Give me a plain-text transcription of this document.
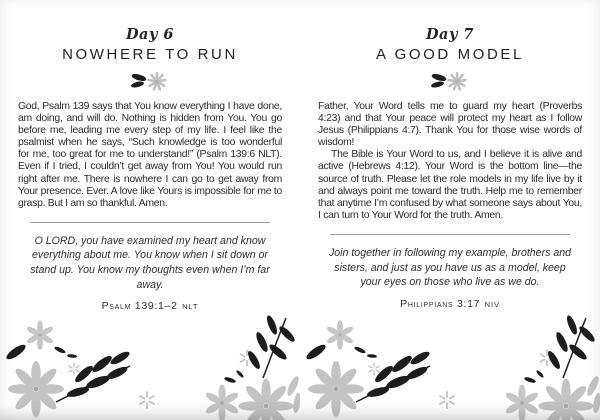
Day 6
NOWHERE TO RUN

God, Psalm 139 says that You know everything I have done, am doing, and will do. Nothing is hidden from You. You go before me, leading me every step of my life. I feel like the psalmist when he says, “Such knowledge is too wonderful for me, too great for me to understand!” (Psalm 139:6 NLT). Even if I tried, I couldn’t get away from You! You would run right after me. There is nowhere I can go to get away from Your presence. Ever. A love like Yours is impossible for me to grasp. But I am so thankful. Amen.

O LORD, you have examined my heart and know everything about me. You know when I sit down or stand up. You know my thoughts even when I’m far away.
Psalm 139:1–2 NLT
Day 7
A GOOD MODEL

Father, Your Word tells me to guard my heart (Proverbs 4:23) and that Your peace will protect my heart as I follow Jesus (Philippians 4:7). Thank You for those wise words of wisdom!

The Bible is Your Word to us, and I believe it is alive and active (Hebrews 4:12). Your Word is the bottom line—the source of truth. Please let the role models in my life live by it and always point me toward the truth. Help me to remember that anytime I’m confused by what someone says about You, I can turn to Your Word for the truth. Amen.

Join together in following my example, brothers and sisters, and just as you have us as a model, keep your eyes on those who live as we do.
Philippians 3:17 NIV
